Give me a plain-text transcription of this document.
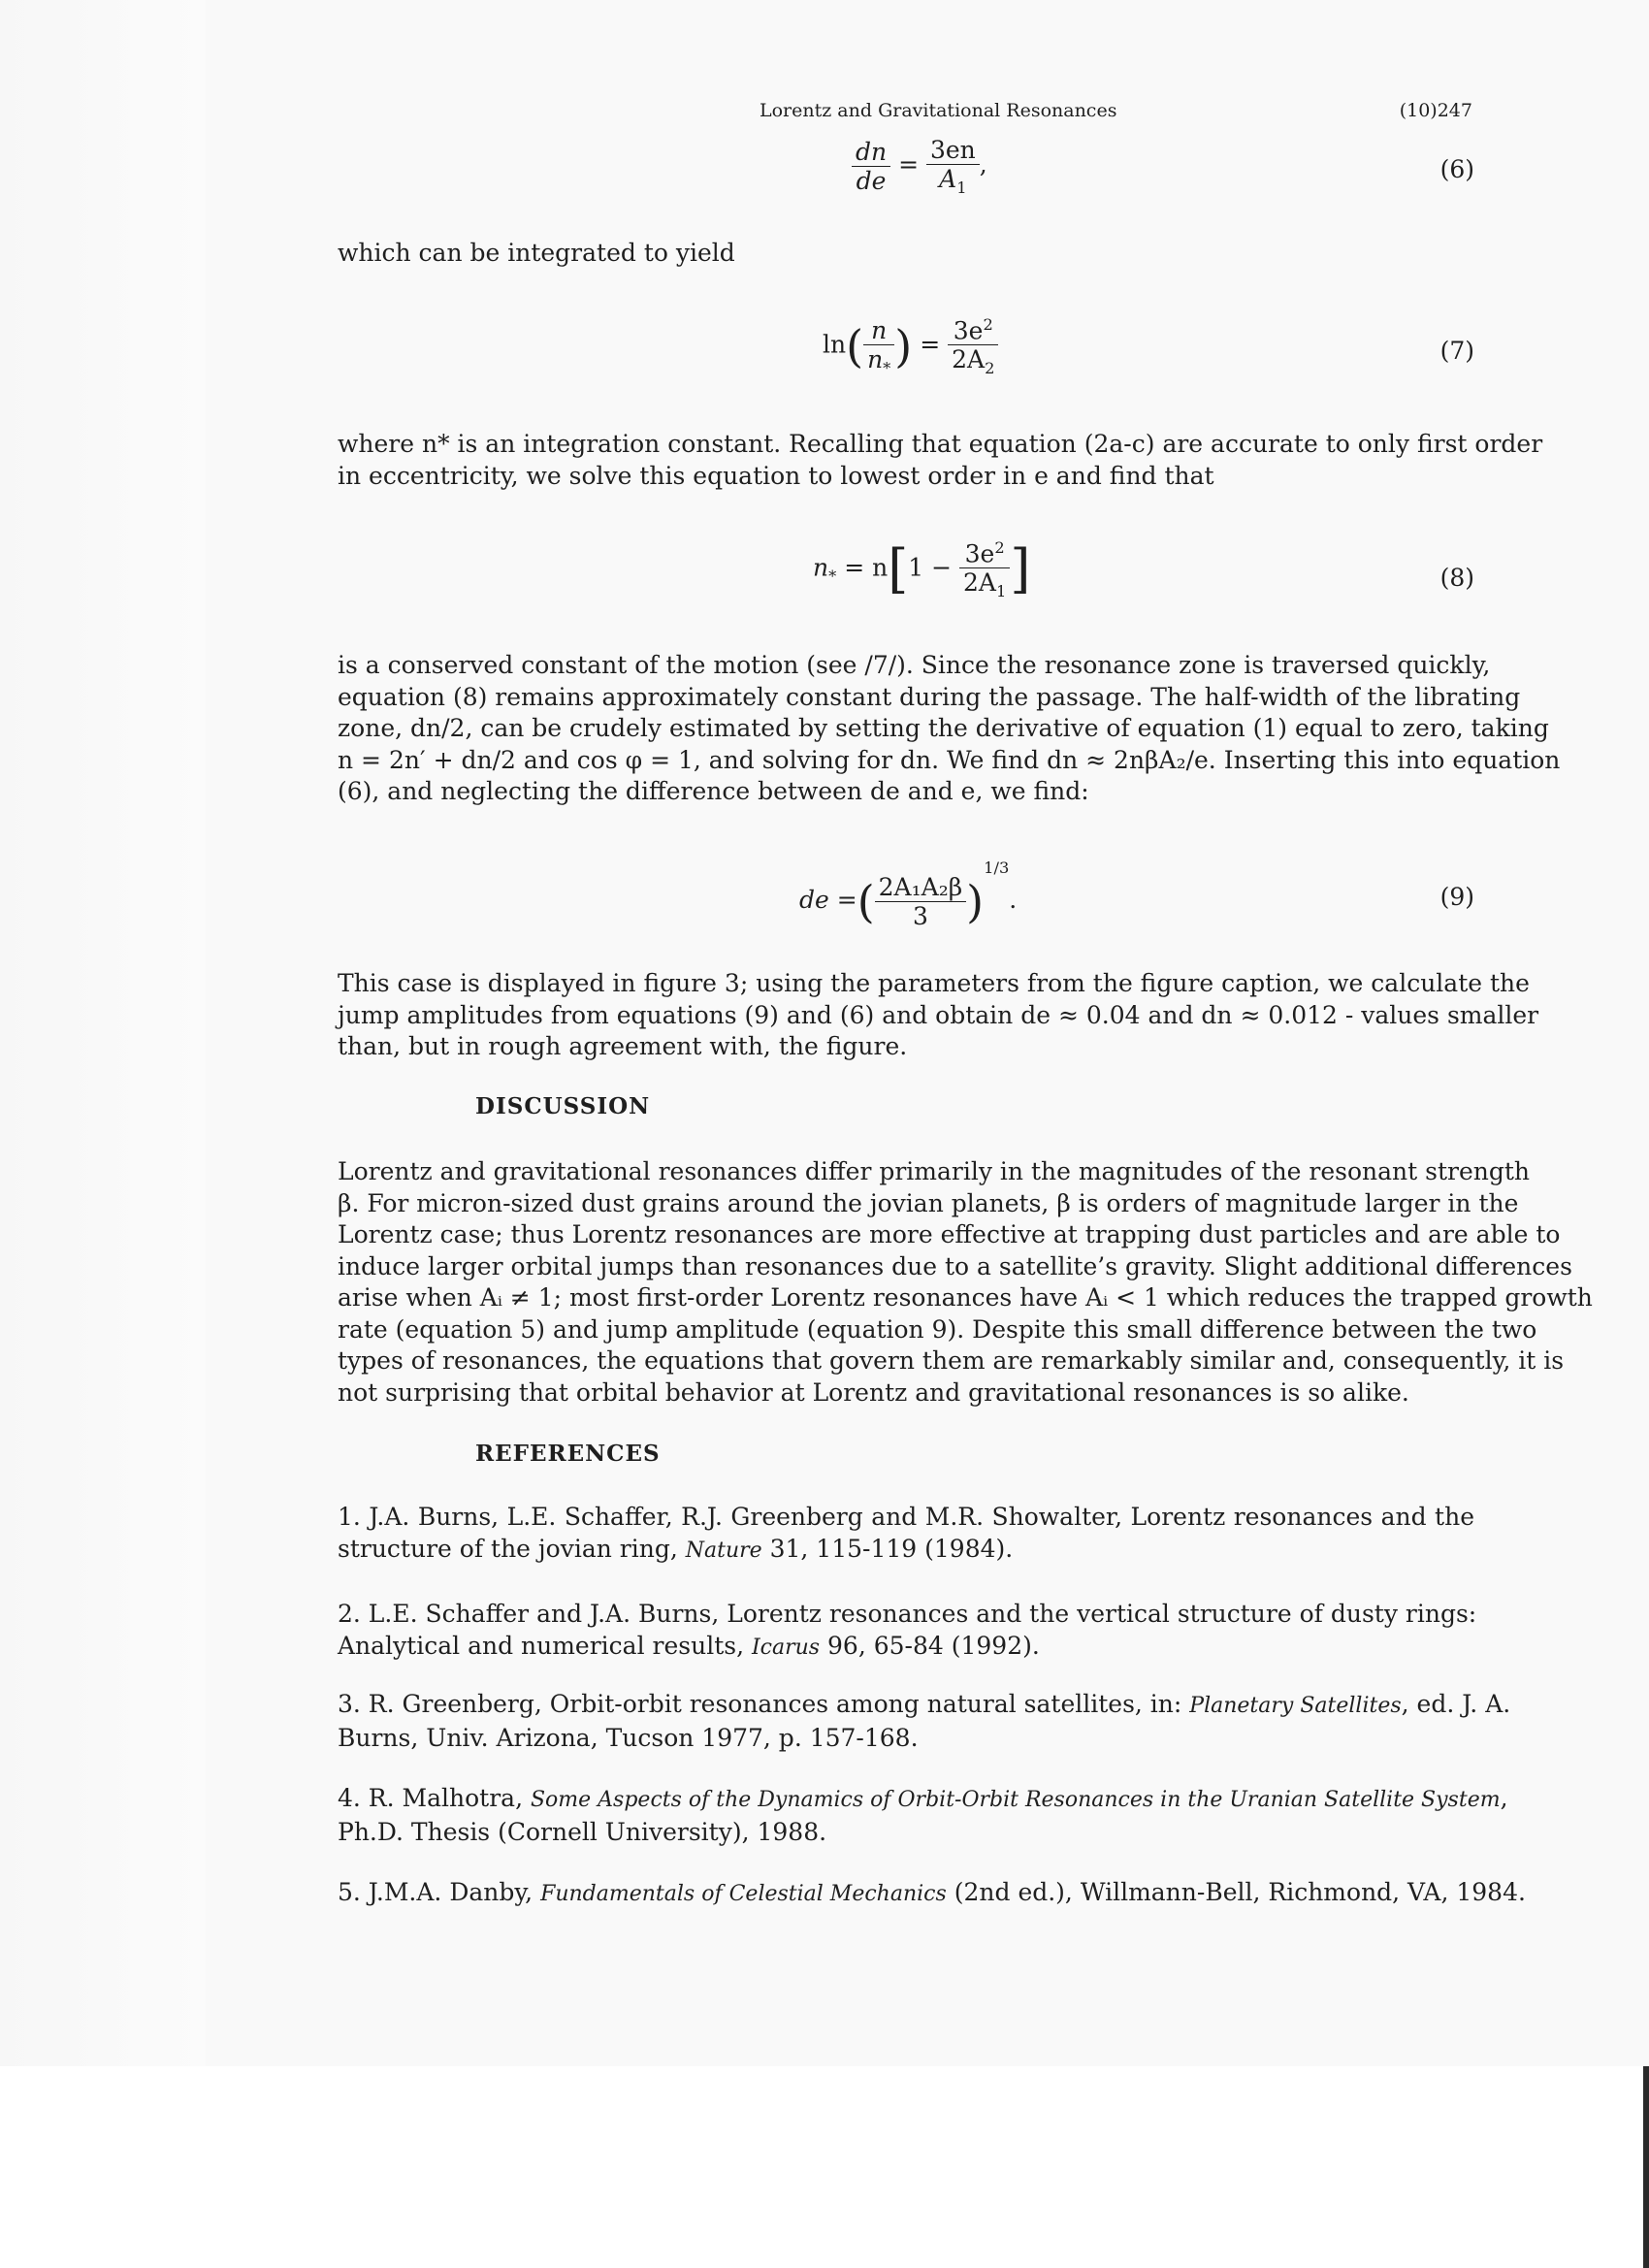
Lorentz and Gravitational Resonances	(10)247
$\frac{dn}{de} = \frac{3en}{A_1}$ ,	(6)
which can be integrated to yield
$\ln( \frac{n}{n_*}$ ) = $\frac{3e^2}{2A_2}$	(7)
where n* is an integration constant. Recalling that equation (2a-c) are accurate to only first order
in eccentricity, we solve this equation to lowest order in e and find that
$n_* = n[1 - \frac{3e^2}{2A_1}$ ]	(8)
is a conserved constant of the motion (see /7/). Since the resonance zone is traversed quickly,
equation (8) remains approximately constant during the passage. The half-width of the librating
zone, dn/2, can be crudely estimated by setting the derivative of equation (1) equal to zero, taking
n = 2n′ + dn/2 and cos φ = 1, and solving for dn. We find dn ≈ 2nβA₂/e. Inserting this into equation
(6), and neglecting the difference between de and e, we find:
de =( $\frac{\text{2A₁A₂β}}{3} )^{1/3}$.	(9)
This case is displayed in figure 3; using the parameters from the figure caption, we calculate the
jump amplitudes from equations (9) and (6) and obtain de ≈ 0.04 and dn ≈ 0.012 - values smaller
than, but in rough agreement with, the figure.
DISCUSSION
Lorentz and gravitational resonances differ primarily in the magnitudes of the resonant strength
β. For micron-sized dust grains around the jovian planets, β is orders of magnitude larger in the
Lorentz case; thus Lorentz resonances are more effective at trapping dust particles and are able to
induce larger orbital jumps than resonances due to a satellite’s gravity. Slight additional differences
arise when Aᵢ ≠ 1; most first-order Lorentz resonances have Aᵢ < 1 which reduces the trapped growth
rate (equation 5) and jump amplitude (equation 9). Despite this small difference between the two
types of resonances, the equations that govern them are remarkably similar and, consequently, it is
not surprising that orbital behavior at Lorentz and gravitational resonances is so alike.
REFERENCES
1. J.A. Burns, L.E. Schaffer, R.J. Greenberg and M.R. Showalter, Lorentz resonances and the
structure of the jovian ring, Nature 31, 115-119 (1984).
2. L.E. Schaffer and J.A. Burns, Lorentz resonances and the vertical structure of dusty rings:
Analytical and numerical results, Icarus 96, 65-84 (1992).
3. R. Greenberg, Orbit-orbit resonances among natural satellites, in: Planetary Satellites, ed. J. A.
Burns, Univ. Arizona, Tucson 1977, p. 157-168.
4. R. Malhotra, Some Aspects of the Dynamics of Orbit-Orbit Resonances in the Uranian Satellite System,
Ph.D. Thesis (Cornell University), 1988.
5. J.M.A. Danby, Fundamentals of Celestial Mechanics (2nd ed.), Willmann-Bell, Richmond, VA, 1984.
